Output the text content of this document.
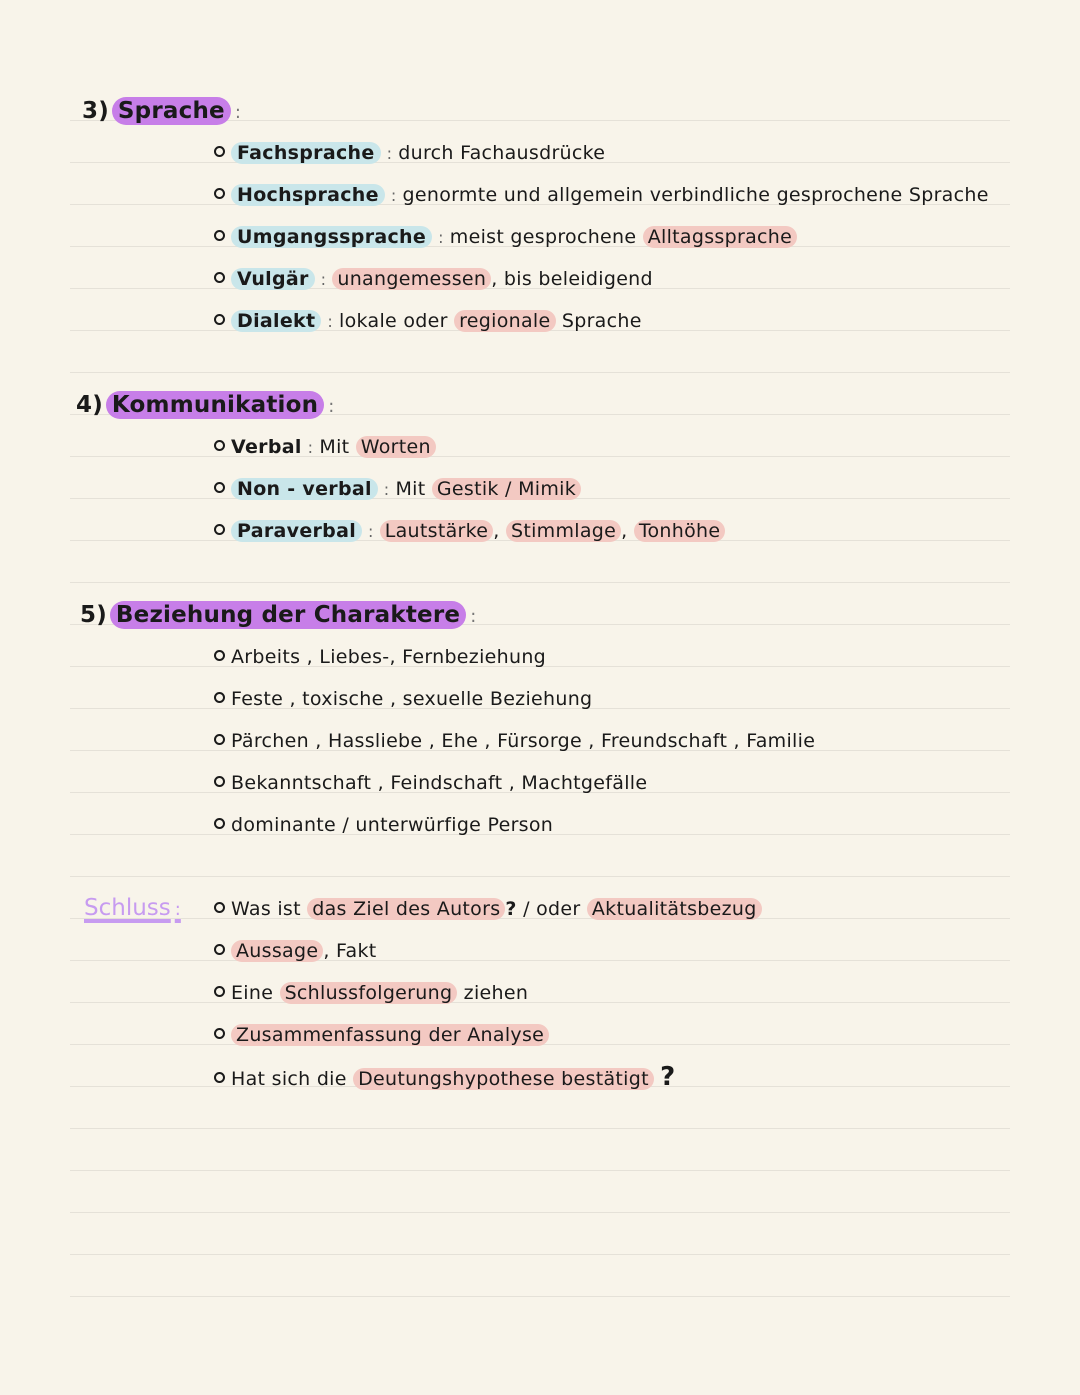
3) Sprache :
Fachsprache : durch Fachausdrücke
Hochsprache : genormte und allgemein verbindliche gesprochene Sprache
Umgangssprache : meist gesprochene Alltagssprache
Vulgär : unangemessen , bis beleidigend
Dialekt : lokale oder regionale Sprache
4) Kommunikation :
Verbal : Mit Worten
Non - verbal : Mit Gestik / Mimik
Paraverbal : Lautstärke , Stimmlage , Tonhöhe
5) Beziehung der Charaktere :
Arbeits , Liebes-, Fernbeziehung
Feste , toxische , sexuelle Beziehung
Pärchen , Hassliebe , Ehe , Fürsorge , Freundschaft , Familie
Bekanntschaft , Feindschaft , Machtgefälle
dominante / unterwürfige Person
Schluss :	Was ist das Ziel des Autors ? / oder Aktualitätsbezug
Aussage , Fakt
Eine Schlussfolgerung ziehen
Zusammenfassung der Analyse
Hat sich die Deutungshypothese bestätigt ?
